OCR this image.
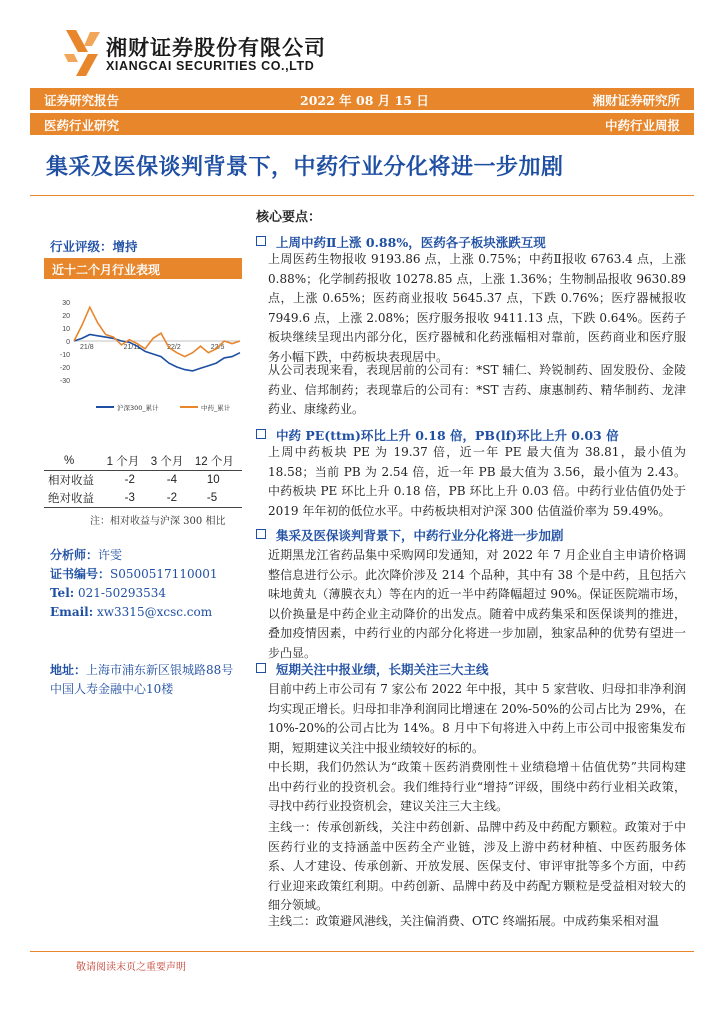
湘财证券股份有限公司
XIANGCAI SECURITIES CO.,LTD
证券研究报告	2022 年 08 月 15 日	湘财证券研究所
医药行业研究	中药行业周报
集采及医保谈判背景下，中药行业分化将进一步加剧
核心要点：
行业评级：增持
近十二个月行业表现
30
20
10
0
-10
-20
-30
21/8	21/11	22/2	22/5
沪深300_累计	中药_累计
%	1 个月	3 个月	12 个月
相对收益	-2	-4	10
绝对收益	-3	-2	-5
注：相对收益与沪深 300 相比
分析师：许雯
证书编号：S0500517110001
Tel: 021-50293534
Email: xw3315@xcsc.com
地址：上海市浦东新区银城路88号
中国人寿金融中心10楼
上周中药Ⅱ上涨 0.88%，医药各子板块涨跌互现
上周医药生物报收 9193.86 点，上涨 0.75%；中药Ⅱ报收 6763.4 点，上涨 0.88%；化学制药报收 10278.85 点，上涨 1.36%；生物制品报收 9630.89 点，上涨 0.65%；医药商业报收 5645.37 点，下跌 0.76%；医疗器械报收 7949.6 点，上涨 2.08%；医疗服务报收 9411.13 点，下跌 0.64%。医药子板块继续呈现出内部分化，医疗器械和化药涨幅相对靠前，医药商业和医疗服务小幅下跌，中药板块表现居中。
从公司表现来看，表现居前的公司有：*ST 辅仁、羚锐制药、固发股份、金陵药业、信邦制药；表现靠后的公司有：*ST 吉药、康惠制药、精华制药、龙津药业、康缘药业。
中药 PE(ttm)环比上升 0.18 倍，PB(lf)环比上升 0.03 倍
上周中药板块 PE 为 19.37 倍，近一年 PE 最大值为 38.81，最小值为 18.58；当前 PB 为 2.54 倍，近一年 PB 最大值为 3.56，最小值为 2.43。中药板块 PE 环比上升 0.18 倍，PB 环比上升 0.03 倍。中药行业估值仍处于 2019 年年初的低位水平。中药板块相对沪深 300 估值溢价率为 59.49%。
集采及医保谈判背景下，中药行业分化将进一步加剧
近期黑龙江省药品集中采购网印发通知，对 2022 年 7 月企业自主申请价格调整信息进行公示。此次降价涉及 214 个品种，其中有 38 个是中药，且包括六味地黄丸（薄膜衣丸）等在内的近一半中药降幅超过 90%。保证医院端市场，以价换量是中药企业主动降价的出发点。随着中成药集采和医保谈判的推进，叠加疫情因素，中药行业的内部分化将进一步加剧，独家品种的优势有望进一步凸显。
短期关注中报业绩，长期关注三大主线
目前中药上市公司有 7 家公布 2022 年中报，其中 5 家营收、归母扣非净利润均实现正增长。归母扣非净利润同比增速在 20%-50%的公司占比为 29%，在 10%-20%的公司占比为 14%。8 月中下旬将进入中药上市公司中报密集发布期，短期建议关注中报业绩较好的标的。
中长期，我们仍然认为“政策＋医药消费刚性＋业绩稳增＋估值优势”共同构建出中药行业的投资机会。我们维持行业“增持”评级，围绕中药行业相关政策，寻找中药行业投资机会，建议关注三大主线。
主线一：传承创新线，关注中药创新、品牌中药及中药配方颗粒。政策对于中医药行业的支持涵盖中医药全产业链，涉及上游中药材种植、中医药服务体系、人才建设、传承创新、开放发展、医保支付、审评审批等多个方面，中药行业迎来政策红利期。中药创新、品牌中药及中药配方颗粒是受益相对较大的细分领域。
主线二：政策避风港线，关注偏消费、OTC 终端拓展。中成药集采相对温
敬请阅读末页之重要声明
